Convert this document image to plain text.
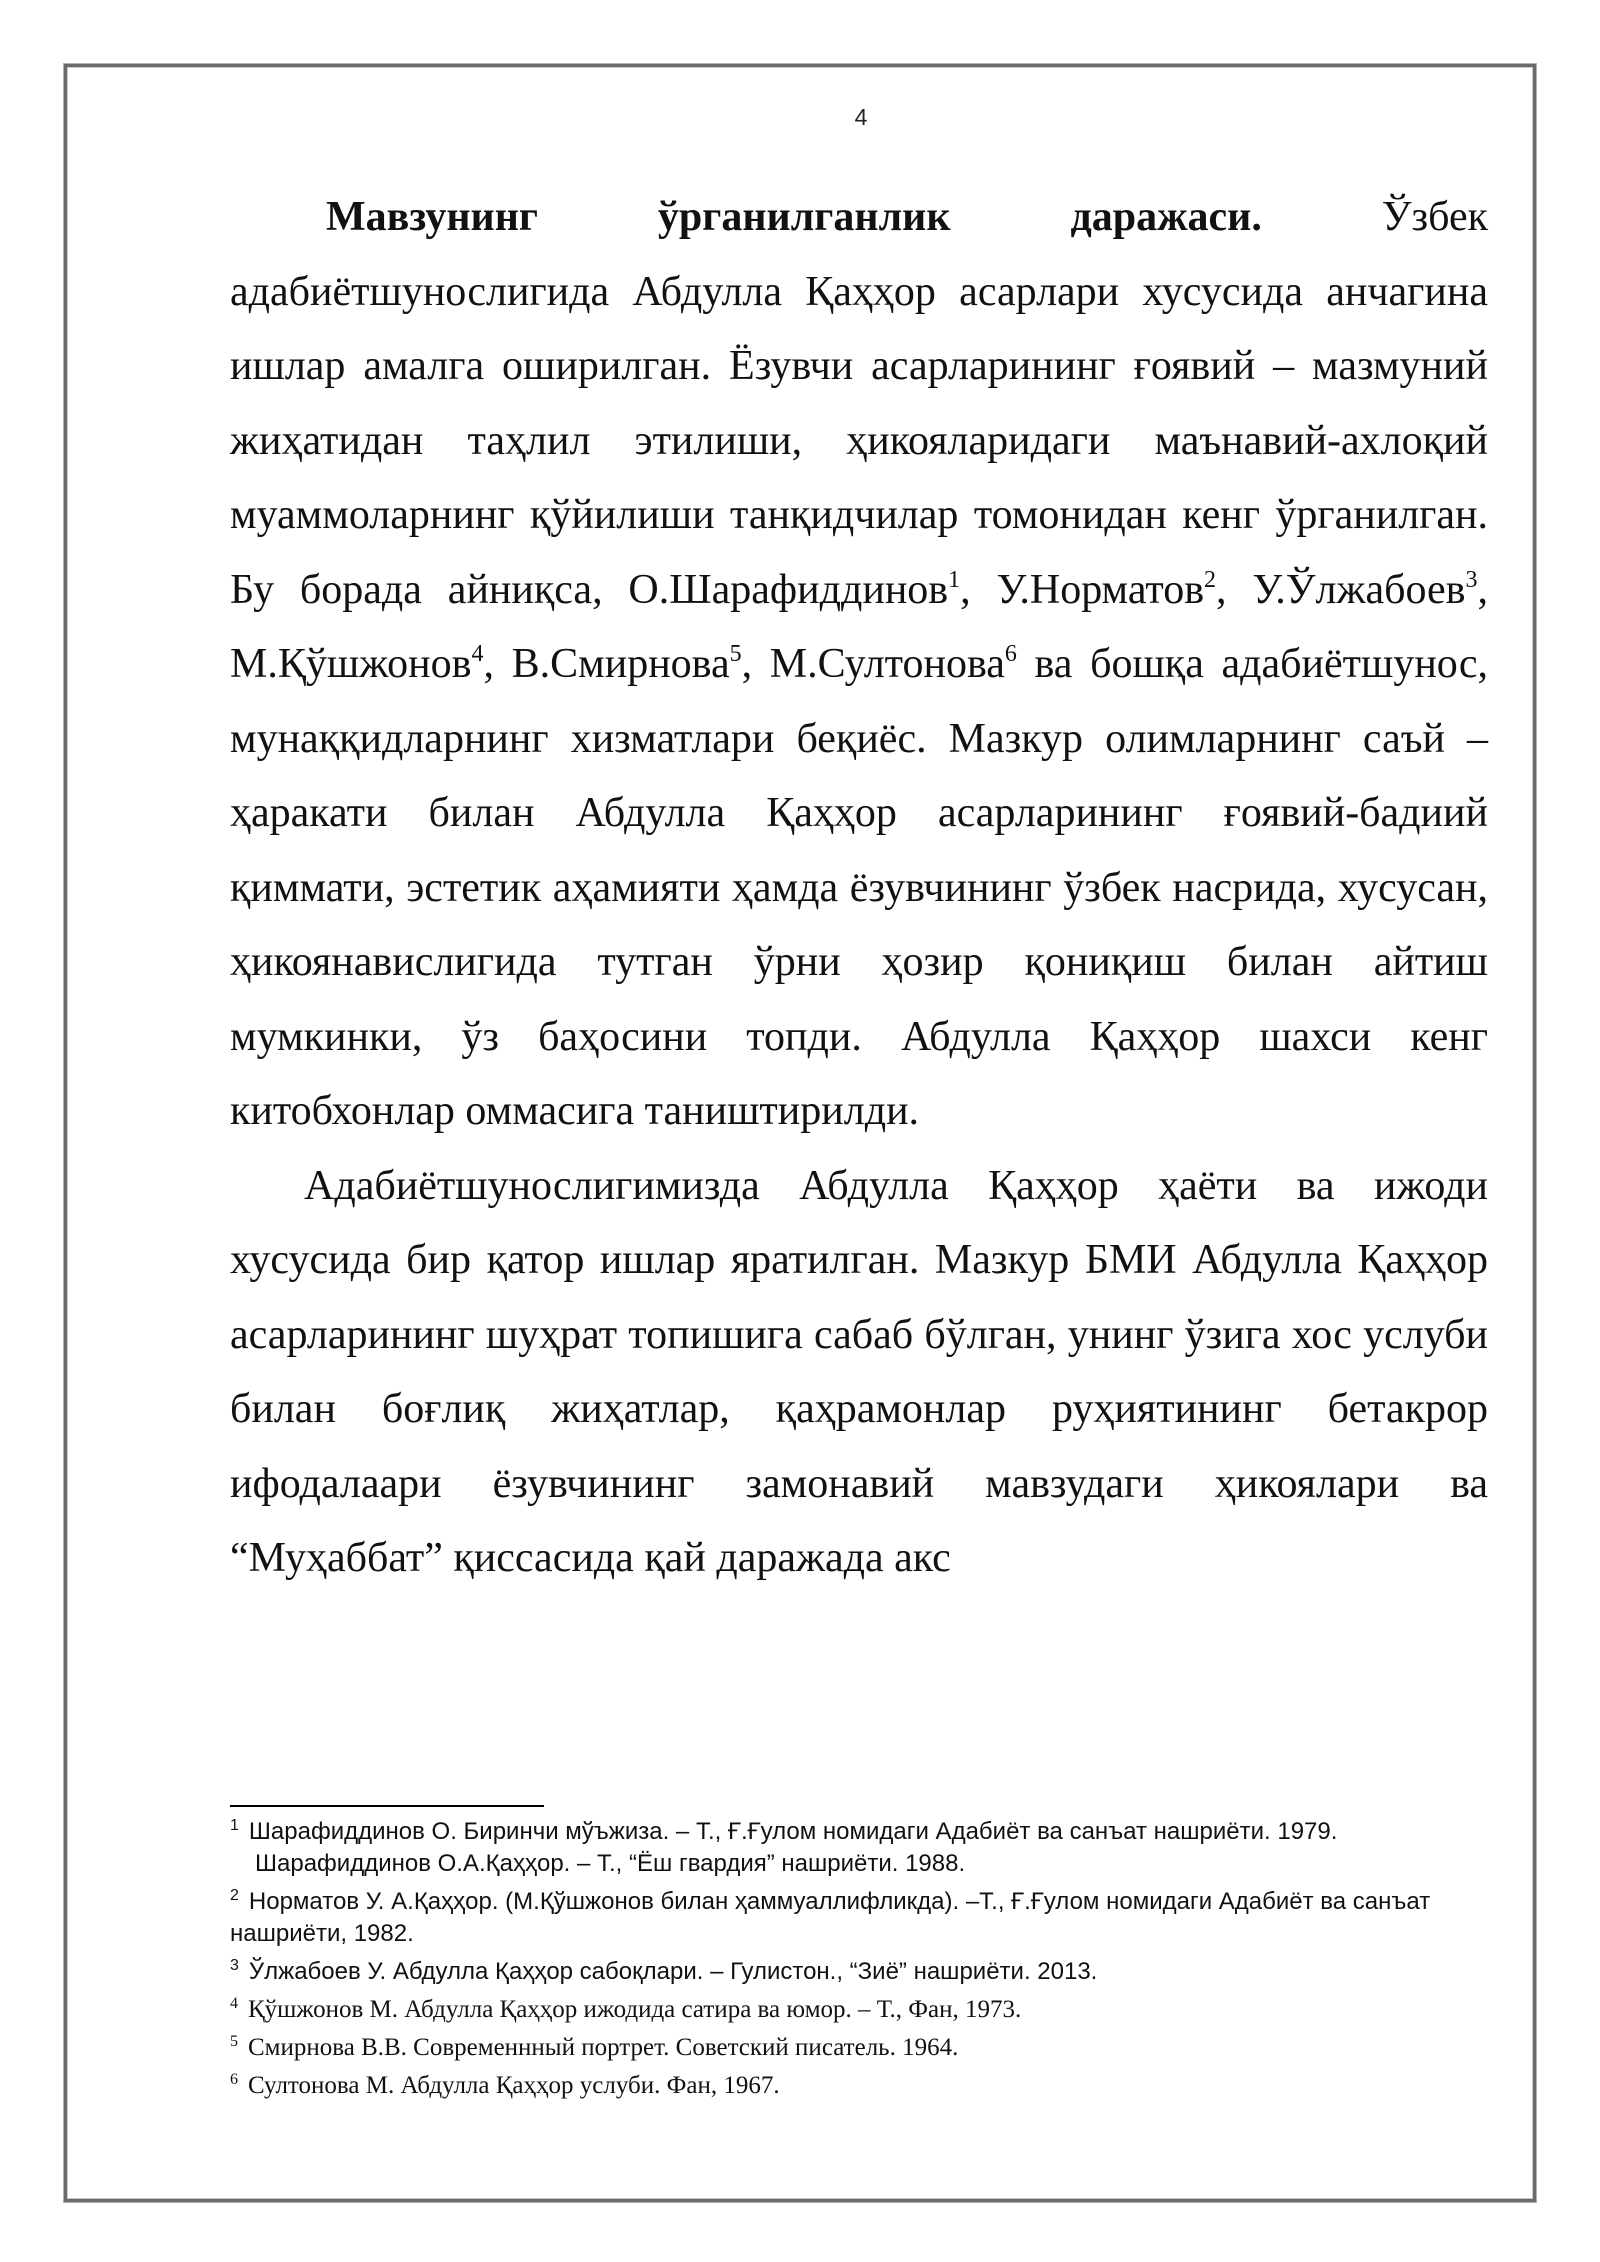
4

Мавзунинг ўрганилганлик даражаси. Ўзбек адабиётшунослигида Абдулла Қаҳҳор асарлари хусусида анчагина ишлар амалга оширилган. Ёзувчи асарларининг ғоявий – мазмуний жиҳатидан таҳлил этилиши, ҳикояларидаги маънавий-ахлоқий муаммоларнинг қўйилиши танқидчилар томонидан кенг ўрганилган. Бу борада айниқса, О.Шарафиддинов$^1$, У.Норматов$^2$, У.Ўлжабоев$^3$, М.Қўшжонов$^4$, В.Смирнова$^5$, М.Султонова$^6$ ва бошқа адабиётшунос, мунаққидларнинг хизматлари беқиёс. Мазкур олимларнинг саъй – ҳаракати билан Абдулла Қаҳҳор асарларининг ғоявий-бадиий қиммати, эстетик аҳамияти ҳамда ёзувчининг ўзбек насрида, хусусан, ҳикоянавислигида тутган ўрни ҳозир қониқиш билан айтиш мумкинки, ўз баҳосини топди. Абдулла Қаҳҳор шахси кенг китобхонлар оммасига таништирилди.

Адабиётшунослигимизда Абдулла Қаҳҳор ҳаёти ва ижоди хусусида бир қатор ишлар яратилган. Мазкур БМИ Абдулла Қаҳҳор асарларининг шуҳрат топишига сабаб бўлган, унинг ўзига хос услуби билан боғлиқ жиҳатлар, қаҳрамонлар руҳиятининг бетакрор ифодалаари ёзувчининг замонавий мавзудаги ҳикоялари ва “Муҳаббат” қиссасида қай даражада акс

$^1$ Шарафиддинов О. Биринчи мўъжиза. – Т., Ғ.Ғулом номидаги Адабиёт ва санъат нашриёти. 1979.

Шарафиддинов О.А.Қаҳҳор. – Т., “Ёш гвардия” нашриёти. 1988.

$^2$ Норматов У. А.Қаҳҳор. (М.Қўшжонов билан ҳаммуаллифликда). –Т., Ғ.Ғулом номидаги Адабиёт ва санъат нашриёти, 1982.

$^3$ Ўлжабоев У. Абдулла Қаҳҳор сабоқлари. – Гулистон., “Зиё” нашриёти. 2013.

$^4$ Қўшжонов М. Абдулла Қаҳҳор ижодида сатира ва юмор. – Т., Фан, 1973.

$^5$ Смирнова В.В. Современнный портрет. Советский писатель. 1964.

$^6$ Султонова М. Абдулла Қаҳҳор услуби. Фан, 1967.
